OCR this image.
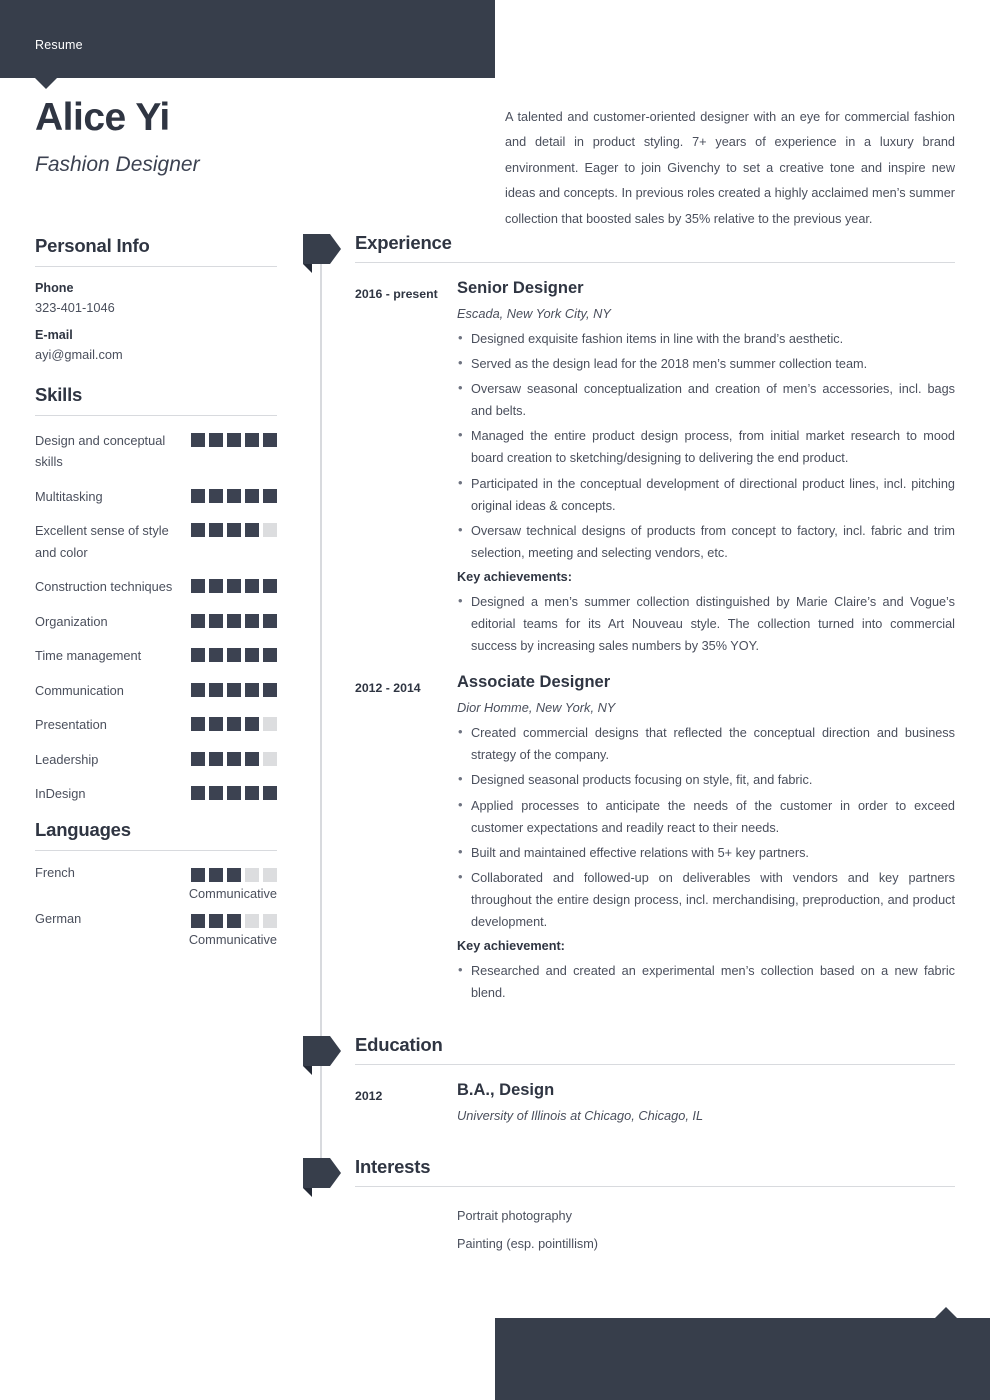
Resume
Alice Yi
Fashion Designer
A talented and customer-oriented designer with an eye for commercial fashion and detail in product styling. 7+ years of experience in a luxury brand environment. Eager to join Givenchy to set a creative tone and inspire new ideas and concepts. In previous roles created a highly acclaimed men’s summer collection that boosted sales by 35% relative to the previous year.
Personal Info
Phone
323-401-1046
E-mail
ayi@gmail.com
Skills
Design and conceptual skills
Multitasking
Excellent sense of style and color
Construction techniques
Organization
Time management
Communication
Presentation
Leadership
InDesign
Languages
French
Communicative
German
Communicative
Experience
2016 - present	Senior Designer
Escada, New York City, NY
• Designed exquisite fashion items in line with the brand’s aesthetic.
• Served as the design lead for the 2018 men’s summer collection team.
• Oversaw seasonal conceptualization and creation of men’s accessories, incl. bags and belts.
• Managed the entire product design process, from initial market research to mood board creation to sketching/designing to delivering the end product.
• Participated in the conceptual development of directional product lines, incl. pitching original ideas & concepts.
• Oversaw technical designs of products from concept to factory, incl. fabric and trim selection, meeting and selecting vendors, etc.
Key achievements:
• Designed a men’s summer collection distinguished by Marie Claire’s and Vogue’s editorial teams for its Art Nouveau style. The collection turned into commercial success by increasing sales numbers by 35% YOY.
2012 - 2014	Associate Designer
Dior Homme, New York, NY
• Created commercial designs that reflected the conceptual direction and business strategy of the company.
• Designed seasonal products focusing on style, fit, and fabric.
• Applied processes to anticipate the needs of the customer in order to exceed customer expectations and readily react to their needs.
• Built and maintained effective relations with 5+ key partners.
• Collaborated and followed-up on deliverables with vendors and key partners throughout the entire design process, incl. merchandising, preproduction, and product development.
Key achievement:
• Researched and created an experimental men’s collection based on a new fabric blend.
Education
2012	B.A., Design
University of Illinois at Chicago, Chicago, IL
Interests
Portrait photography
Painting (esp. pointillism)
